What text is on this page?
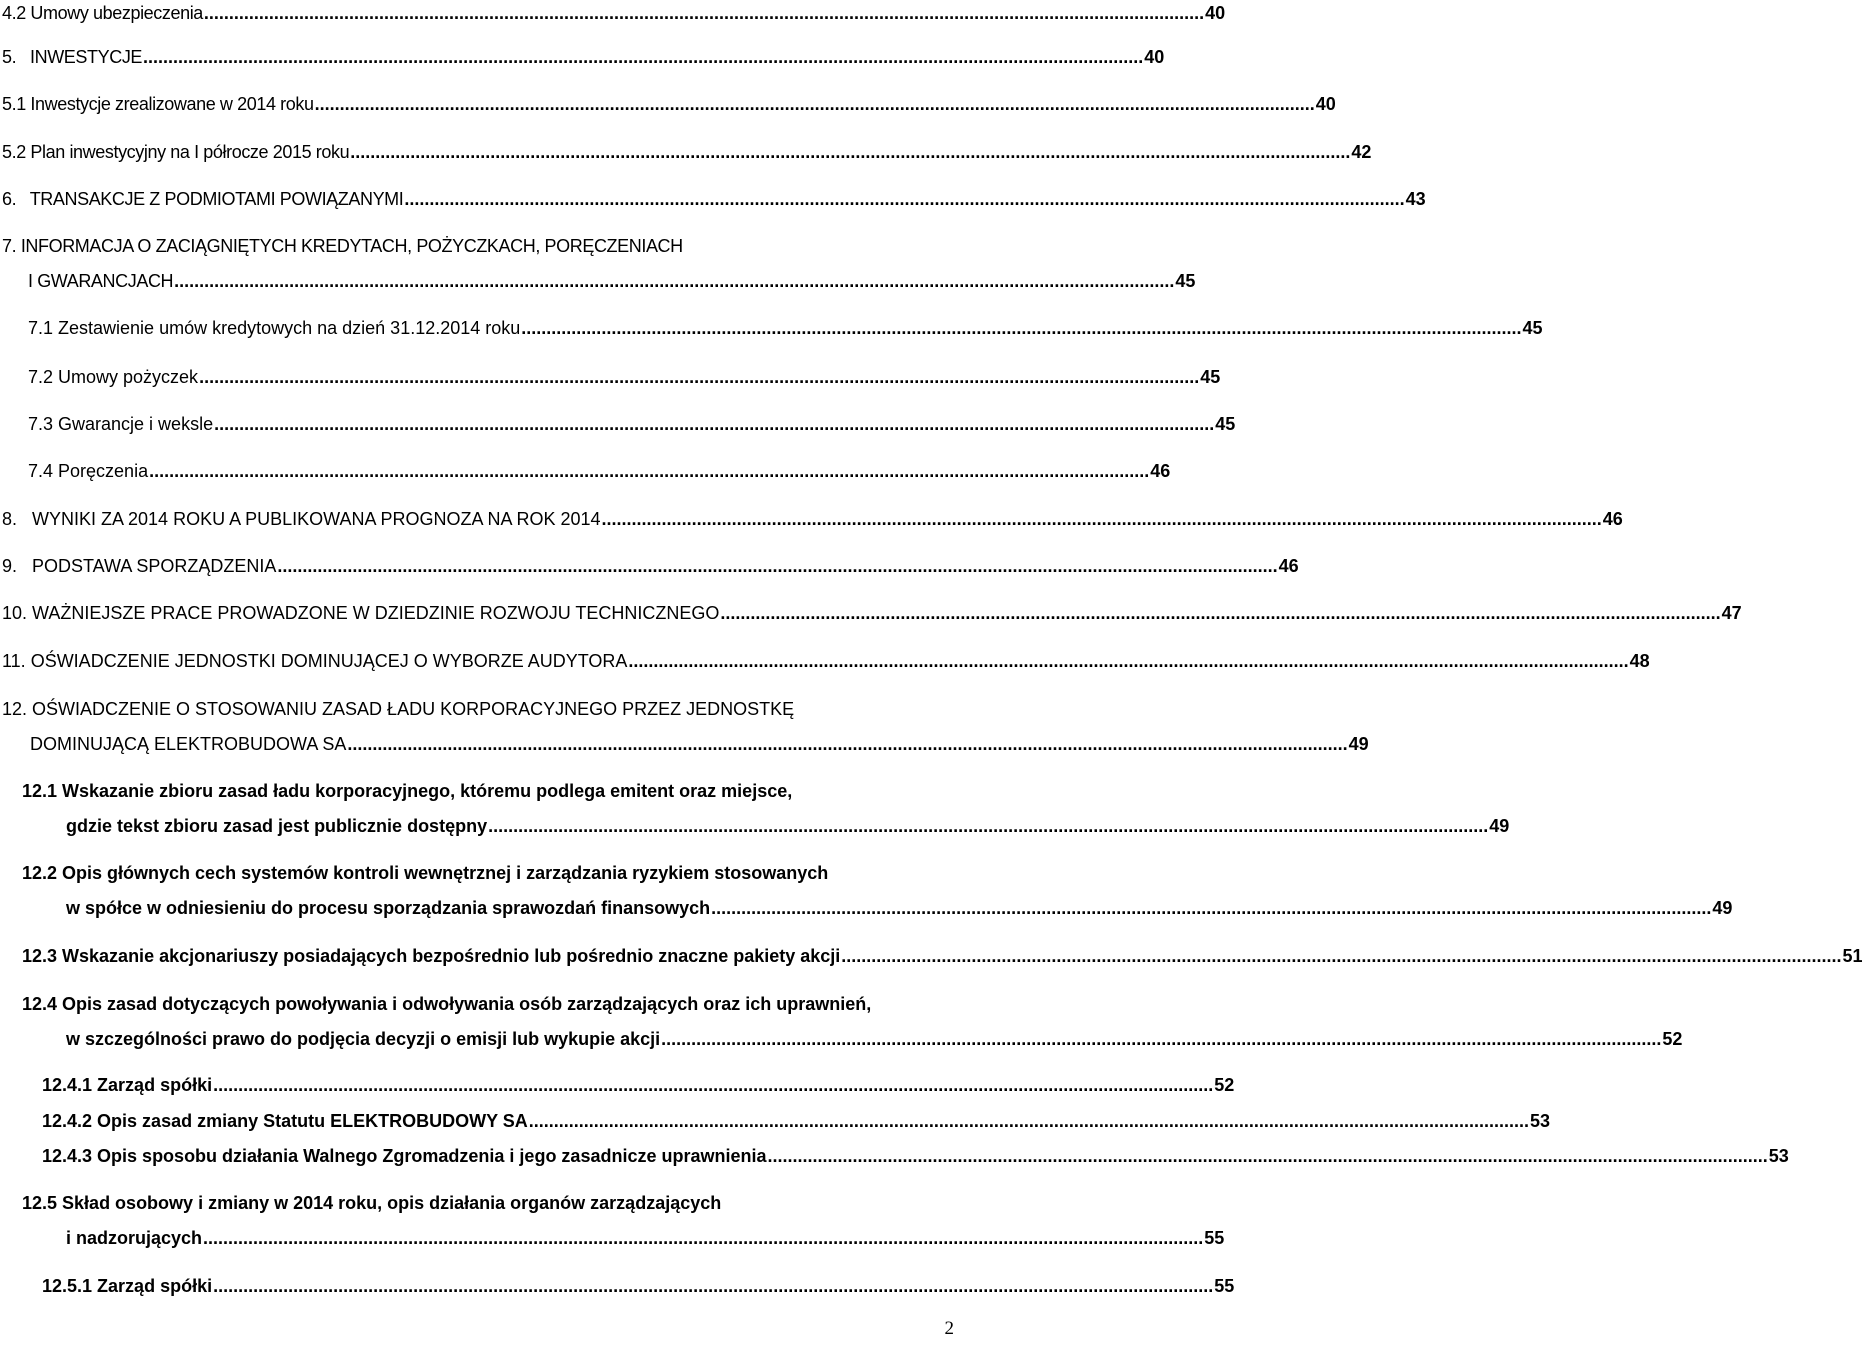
4.2 Umowy ubezpieczenia ........................................................................................................................................................................................................ 40
5.   INWESTYCJE ........................................................................................................................................................................................................ 40
5.1 Inwestycje zrealizowane w 2014 roku ........................................................................................................................................................................................................ 40
5.2 Plan inwestycyjny na I półrocze 2015 roku ........................................................................................................................................................................................................ 42
6.   TRANSAKCJE Z PODMIOTAMI POWIĄZANYMI ........................................................................................................................................................................................................ 43
7. INFORMACJA O ZACIĄGNIĘTYCH KREDYTACH, POŻYCZKACH, PORĘCZENIACH
I GWARANCJACH ........................................................................................................................................................................................................ 45
7.1 Zestawienie umów kredytowych na dzień 31.12.2014 roku ........................................................................................................................................................................................................ 45
7.2 Umowy pożyczek ........................................................................................................................................................................................................ 45
7.3 Gwarancje i weksle ........................................................................................................................................................................................................ 45
7.4 Poręczenia ........................................................................................................................................................................................................ 46
8.   WYNIKI ZA 2014 ROKU A PUBLIKOWANA PROGNOZA NA ROK 2014 ........................................................................................................................................................................................................ 46
9.   PODSTAWA SPORZĄDZENIA ........................................................................................................................................................................................................ 46
10. WAŻNIEJSZE PRACE PROWADZONE W DZIEDZINIE ROZWOJU TECHNICZNEGO ........................................................................................................................................................................................................ 47
11. OŚWIADCZENIE JEDNOSTKI DOMINUJĄCEJ O WYBORZE AUDYTORA ........................................................................................................................................................................................................ 48
12. OŚWIADCZENIE O STOSOWANIU ZASAD ŁADU KORPORACYJNEGO PRZEZ JEDNOSTKĘ
DOMINUJĄCĄ ELEKTROBUDOWA SA ........................................................................................................................................................................................................ 49
12.1 Wskazanie zbioru zasad ładu korporacyjnego, któremu podlega emitent oraz miejsce,
gdzie tekst zbioru zasad jest publicznie dostępny ........................................................................................................................................................................................................ 49
12.2 Opis głównych cech systemów kontroli wewnętrznej i zarządzania ryzykiem stosowanych
w spółce w odniesieniu do procesu sporządzania sprawozdań finansowych ........................................................................................................................................................................................................ 49
12.3 Wskazanie akcjonariuszy posiadających bezpośrednio lub pośrednio znaczne pakiety akcji ........................................................................................................................................................................................................ 51
12.4 Opis zasad dotyczących powoływania i odwoływania osób zarządzających oraz ich uprawnień,
w szczególności prawo do podjęcia decyzji o emisji lub wykupie akcji ........................................................................................................................................................................................................ 52
12.4.1 Zarząd spółki ........................................................................................................................................................................................................ 52
12.4.2 Opis zasad zmiany Statutu ELEKTROBUDOWY SA ........................................................................................................................................................................................................ 53
12.4.3 Opis sposobu działania Walnego Zgromadzenia i jego zasadnicze uprawnienia ........................................................................................................................................................................................................ 53
12.5 Skład osobowy i zmiany w 2014 roku, opis działania organów zarządzających
i nadzorujących ........................................................................................................................................................................................................ 55
12.5.1 Zarząd spółki ........................................................................................................................................................................................................ 55
2
